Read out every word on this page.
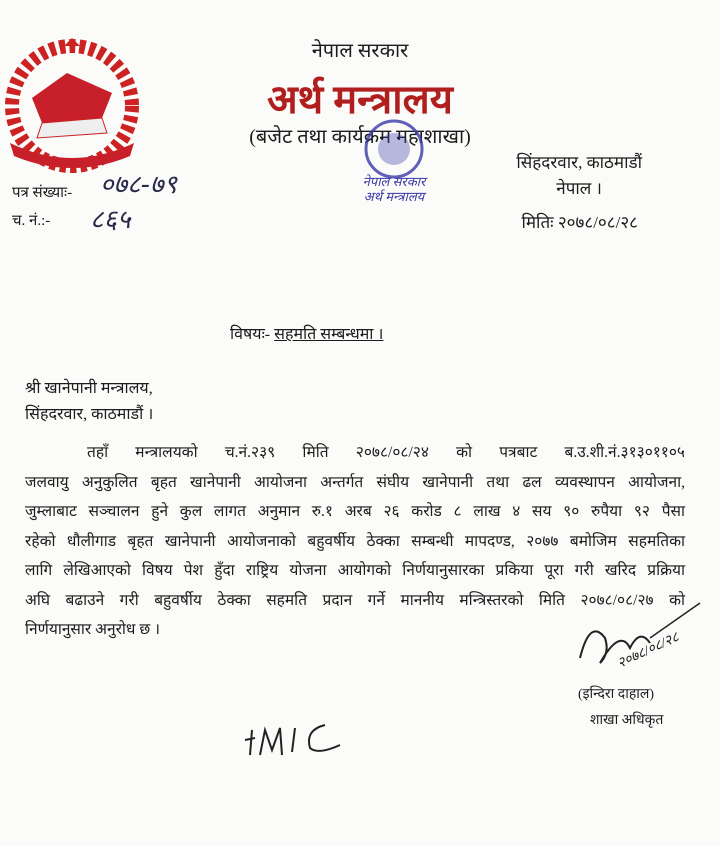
नेपाल सरकार
अर्थ मन्त्रालय
(बजेट तथा कार्यक्रम महाशाखा)
नेपाल सरकार
अर्थ मन्त्रालय
सिंहदरवार, काठमाडौं
नेपाल ।
मितिः २०७८/०८/२८
पत्र संख्याः- ०७८-७९
च. नं.:- ८६५
विषयः- सहमति सम्बन्धमा ।
श्री खानेपानी मन्त्रालय,
सिंहदरवार, काठमाडौं ।
तहाँ मन्त्रालयको च.नं.२३९ मिति २०७८/०८/२४ को पत्रबाट ब.उ.शी.नं.३१३०११०५
जलवायु अनुकुलित बृहत खानेपानी आयोजना अन्तर्गत संघीय खानेपानी तथा ढल व्यवस्थापन आयोजना,
जुम्लाबाट सञ्चालन हुने कुल लागत अनुमान रु.१ अरब २६ करोड ८ लाख ४ सय ९० रुपैया ९२ पैसा
रहेको धौलीगाड बृहत खानेपानी आयोजनाको बहुवर्षीय ठेक्का सम्बन्धी मापदण्ड, २०७७ बमोजिम सहमतिका
लागि लेखिआएको विषय पेश हुँदा राष्ट्रिय योजना आयोगको निर्णयानुसारका प्रकिया पूरा गरी खरिद प्रक्रिया
अघि बढाउने गरी बहुवर्षीय ठेक्का सहमति प्रदान गर्ने माननीय मन्त्रिस्तरको मिति २०७८/०८/२७ को
निर्णयानुसार अनुरोध छ ।
२०७८/०८/२८
(इन्दिरा दाहाल)
शाखा अधिकृत
